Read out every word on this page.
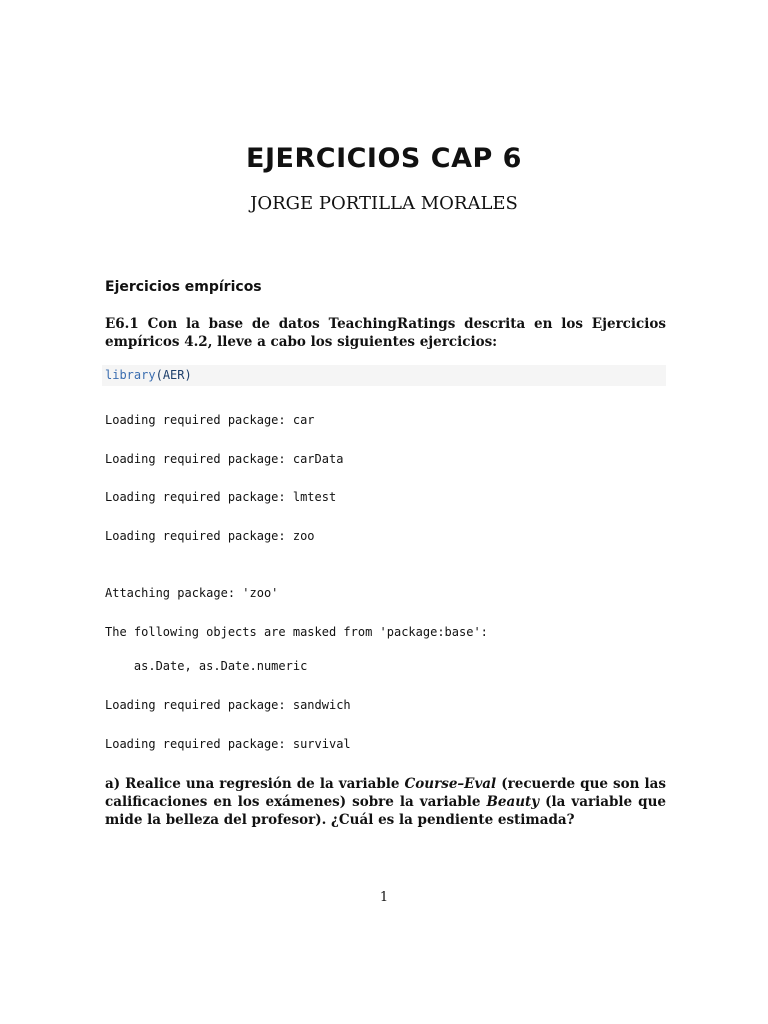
EJERCICIOS CAP 6

JORGE PORTILLA MORALES

Ejercicios empíricos

E6.1 Con la base de datos TeachingRatings descrita en los Ejercicios empíricos 4.2, lleve a cabo los siguientes ejercicios:

library(AER)

Loading required package: car

Loading required package: carData

Loading required package: lmtest

Loading required package: zoo

Attaching package: 'zoo'

The following objects are masked from 'package:base':

as.Date, as.Date.numeric

Loading required package: sandwich

Loading required package: survival

a) Realice una regresión de la variable Course–Eval (recuerde que son las calificaciones en los exámenes) sobre la variable Beauty (la variable que mide la belleza del profesor). ¿Cuál es la pendiente estimada?

1
